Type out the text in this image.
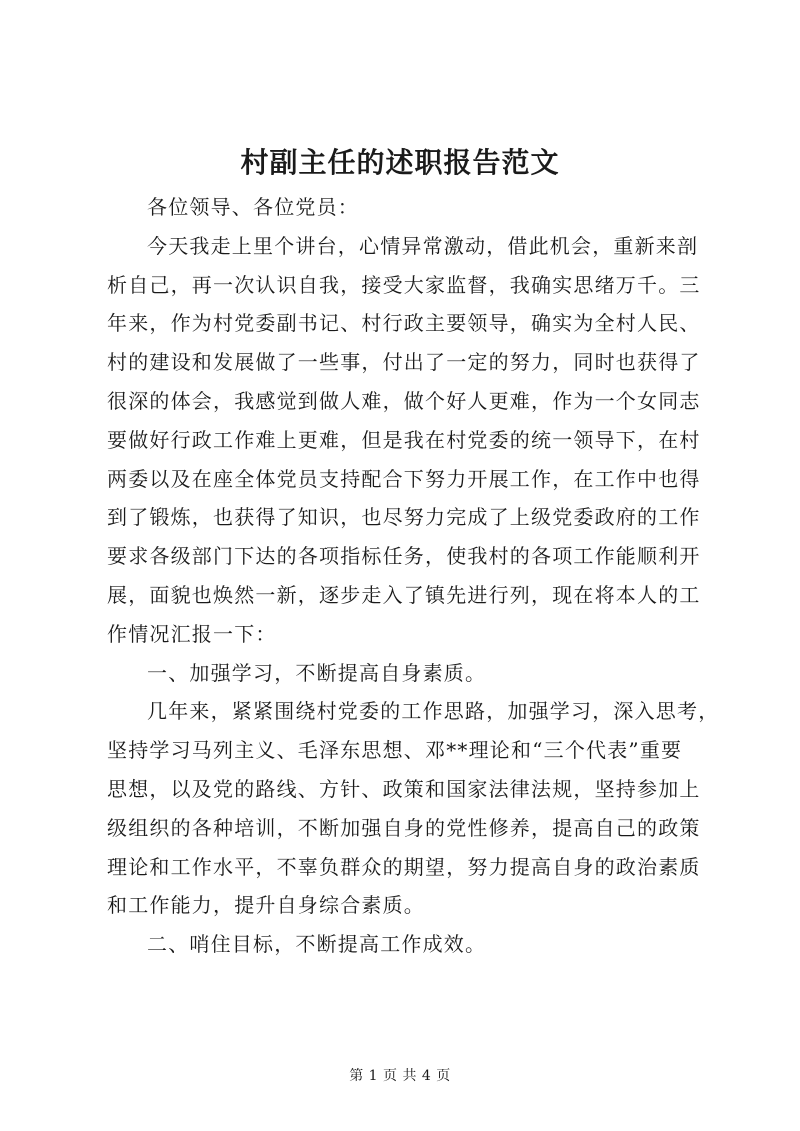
村副主任的述职报告范文

各位领导、各位党员：

今天我走上里个讲台，心情异常激动，借此机会，重新来剖
析自己，再一次认识自我，接受大家监督，我确实思绪万千。三
年来，作为村党委副书记、村行政主要领导，确实为全村人民、
村的建设和发展做了一些事，付出了一定的努力，同时也获得了
很深的体会，我感觉到做人难，做个好人更难，作为一个女同志
要做好行政工作难上更难，但是我在村党委的统一领导下，在村
两委以及在座全体党员支持配合下努力开展工作，在工作中也得
到了锻炼，也获得了知识，也尽努力完成了上级党委政府的工作
要求各级部门下达的各项指标任务，使我村的各项工作能顺利开
展，面貌也焕然一新，逐步走入了镇先进行列，现在将本人的工
作情况汇报一下：

一、加强学习，不断提高自身素质。

几年来，紧紧围绕村党委的工作思路，加强学习，深入思考，
坚持学习马列主义、毛泽东思想、邓**理论和“三个代表”重要
思想，以及党的路线、方针、政策和国家法律法规，坚持参加上
级组织的各种培训，不断加强自身的党性修养，提高自己的政策
理论和工作水平，不辜负群众的期望，努力提高自身的政治素质
和工作能力，提升自身综合素质。

二、哨住目标，不断提高工作成效。

第 1 页 共 4 页
